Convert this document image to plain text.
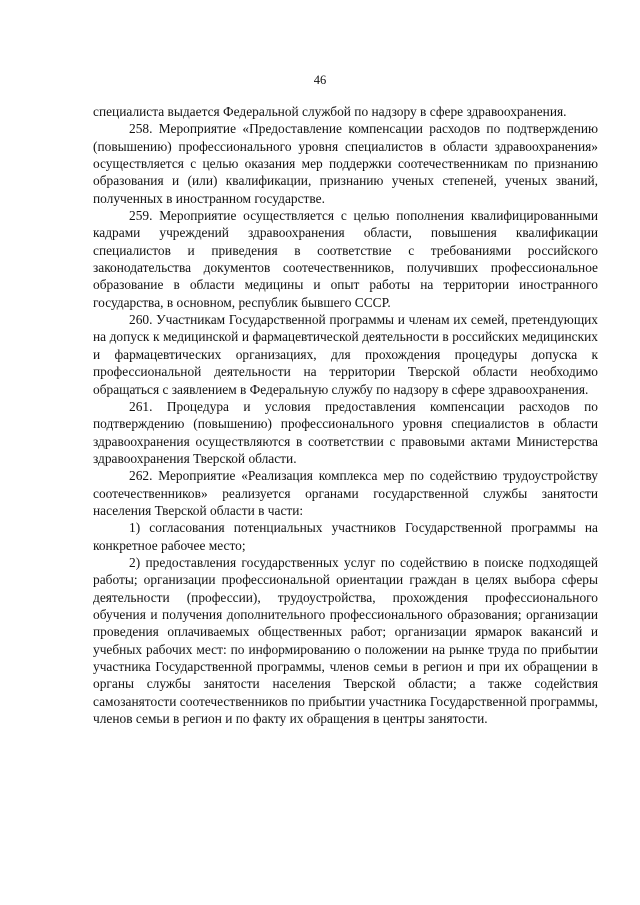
46

специалиста выдается Федеральной службой по надзору в сфере здравоохранения.

258. Мероприятие «Предоставление компенсации расходов по подтверждению (повышению) профессионального уровня специалистов в области здравоохранения» осуществляется с целью оказания мер поддержки соотечественникам по признанию образования и (или) квалификации, признанию ученых степеней, ученых званий, полученных в иностранном государстве.

259. Мероприятие осуществляется с целью пополнения квалифицированными кадрами учреждений здравоохранения области, повышения квалификации специалистов и приведения в соответствие с требованиями российского законодательства документов соотечественников, получивших профессиональное образование в области медицины и опыт работы на территории иностранного государства, в основном, республик бывшего СССР.

260. Участникам Государственной программы и членам их семей, претендующих на допуск к медицинской и фармацевтической деятельности в российских медицинских и фармацевтических организациях, для прохождения процедуры допуска к профессиональной деятельности на территории Тверской области необходимо обращаться с заявлением в Федеральную службу по надзору в сфере здравоохранения.

261. Процедура и условия предоставления компенсации расходов по подтверждению (повышению) профессионального уровня специалистов в области здравоохранения осуществляются в соответствии с правовыми актами Министерства здравоохранения Тверской области.

262. Мероприятие «Реализация комплекса мер по содействию трудоустройству соотечественников» реализуется органами государственной службы занятости населения Тверской области в части:

1) согласования потенциальных участников Государственной программы на конкретное рабочее место;

2) предоставления государственных услуг по содействию в поиске подходящей работы; организации профессиональной ориентации граждан в целях выбора сферы деятельности (профессии), трудоустройства, прохождения профессионального обучения и получения дополнительного профессионального образования; организации проведения оплачиваемых общественных работ; организации ярмарок вакансий и учебных рабочих мест: по информированию о положении на рынке труда по прибытии участника Государственной программы, членов семьи в регион и при их обращении в органы службы занятости населения Тверской области; а также содействия самозанятости соотечественников по прибытии участника Государственной программы, членов семьи в регион и по факту их обращения в центры занятости.
